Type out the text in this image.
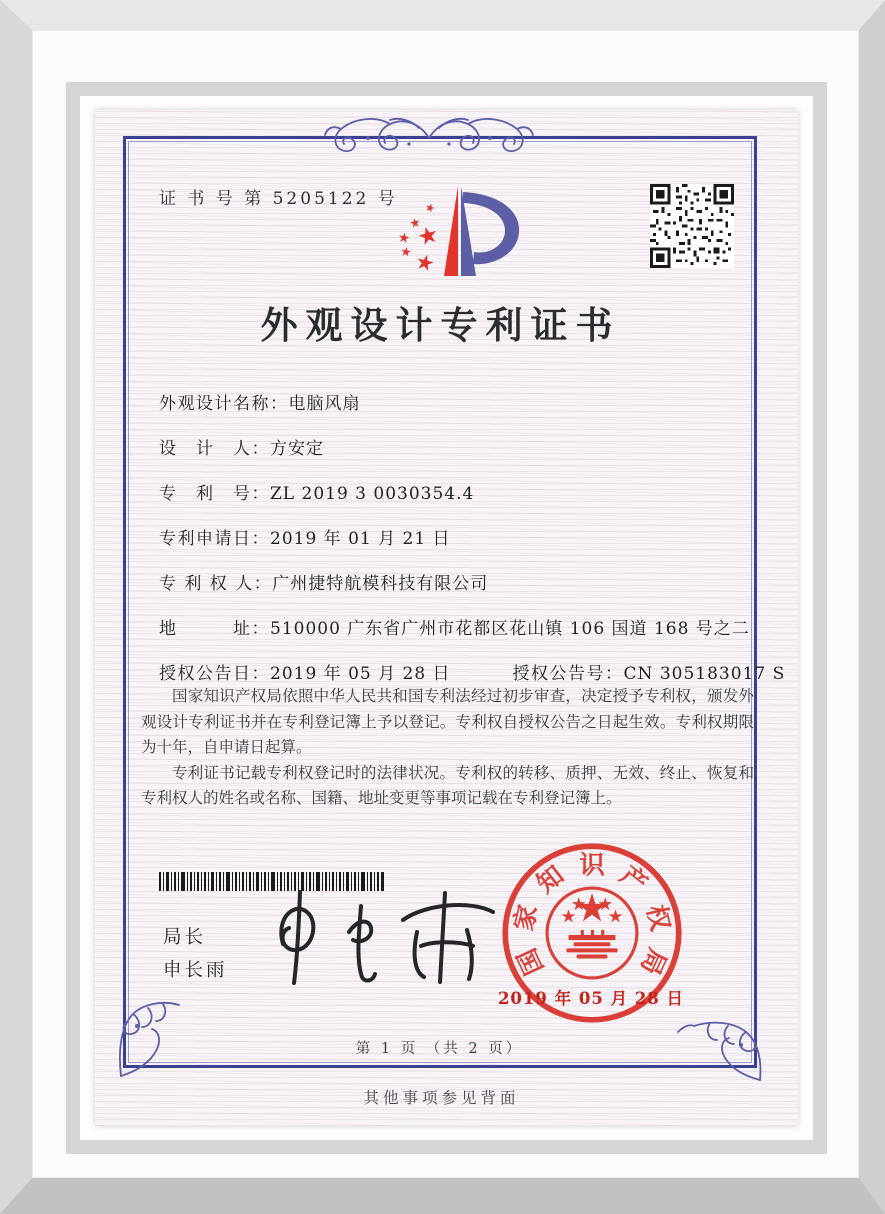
证 书 号 第 5205122 号
外观设计专利证书
外观设计名称：电脑风扇
设　计　人：方安定
专　利　号：ZL 2019 3 0030354.4
专利申请日：2019 年 01 月 21 日
专 利 权 人：广州捷特航模科技有限公司
地　　　址：510000 广东省广州市花都区花山镇 106 国道 168 号之二
授权公告日：2019 年 05 月 28 日	授权公告号：CN 305183017 S

国家知识产权局依照中华人民共和国专利法经过初步审查，决定授予专利权，颁发外观设计专利证书并在专利登记簿上予以登记。专利权自授权公告之日起生效。专利权期限为十年，自申请日起算。

专利证书记载专利权登记时的法律状况。专利权的转移、质押、无效、终止、恢复和专利权人的姓名或名称、国籍、地址变更等事项记载在专利登记簿上。

局长
申长雨	国
家
知 识 产
权
局
2019 年 05 月 28 日
第 1 页 （共 2 页）
其他事项参见背面
